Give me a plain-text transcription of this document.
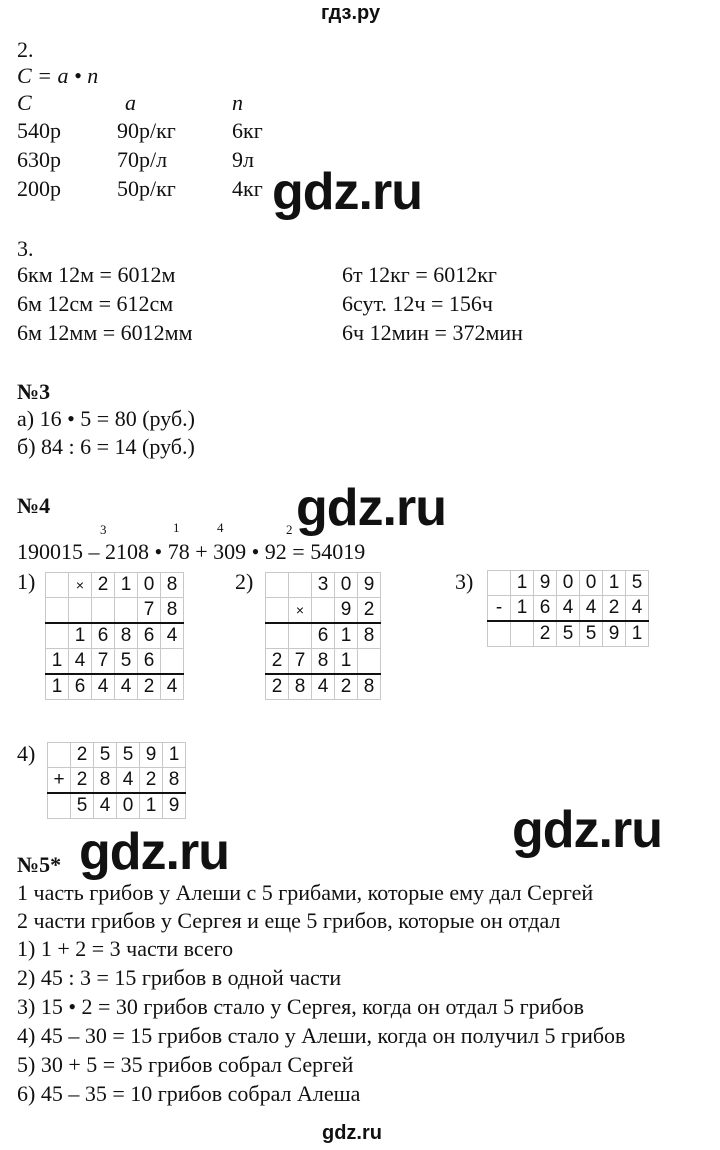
гдз.ру
2.
C = a • n
C	a	n
540р	90р/кг	6кг
630р	70р/л	9л
200р	50р/кг	4кг gdz.ru
3.
6км 12м = 6012м
6м 12см = 612см
6м 12мм = 6012мм
6т 12кг = 6012кг
6сут. 12ч = 156ч
6ч 12мин = 372мин
№3
а) 16 • 5 = 80 (руб.)
б) 84 : 6 = 14 (руб.)
№4	gdz.ru
3	1	4	2
190015 – 2108 • 78 + 309 • 92 = 54019
1)	2)	3)
4)
	×	2	1	0	8
				7	8
	1	6	8	6	4
1	4	7	5	6	
1	6	4	4	2	4
		3	0	9
	×		9	2
		6	1	8
2	7	8	1	
2	8	4	2	8
	1	9	0	0	1	5
-	1	6	4	4	2	4
		2	5	5	9	1
	2	5	5	9	1
+	2	8	4	2	8
	5	4	0	1	9	gdz.ru
gdz.ru
№5*
1 часть грибов у Алеши с 5 грибами, которые ему дал Сергей
2 части грибов у Сергея и еще 5 грибов, которые он отдал
1) 1 + 2 = 3 части всего
2) 45 : 3 = 15 грибов в одной части
3) 15 • 2 = 30 грибов стало у Сергея, когда он отдал 5 грибов
4) 45 – 30 = 15 грибов стало у Алеши, когда он получил 5 грибов
5) 30 + 5 = 35 грибов собрал Сергей
6) 45 – 35 = 10 грибов собрал Алеша
gdz.ru
